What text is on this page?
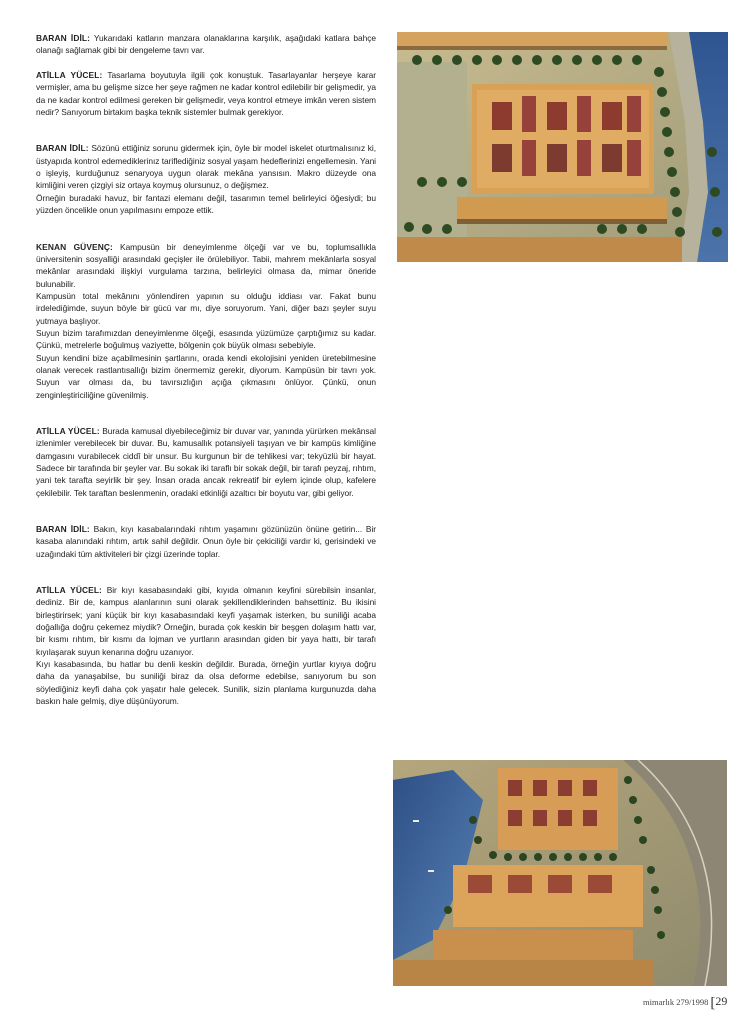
BARAN İDİL: Yukarıdaki katların manzara olanaklarına karşılık, aşağıdaki katlara bahçe olanağı sağlamak gibi bir dengeleme tavrı var.

ATİLLA YÜCEL: Tasarlama boyutuyla ilgili çok konuştuk. Tasarlayanlar herşeye karar vermişler, ama bu gelişme sizce her şeye rağmen ne kadar kontrol edilebilir bir gelişmedir, ya da ne kadar kontrol edilmesi gereken bir gelişmedir, veya kontrol etmeye imkân veren sistem nedir? Sanıyorum birtakım başka teknik sistemler bulmak gerekiyor.

BARAN İDİL: Sözünü ettiğiniz sorunu gidermek için, öyle bir model iskelet oturtmalısınız ki, üstyapıda kontrol edemediklerinız tariflediğiniz sosyal yaşam hedeflerinizi engellemesin. Yani o işleyiş, kurduğunuz senaryoya uygun olarak mekâna yansısın. Makro düzeyde ona kimliğini veren çizgiyi siz ortaya koymuş olursunuz, o değişmez.

Örneğin buradaki havuz, bir fantazi elemanı değil, tasarımın temel belirleyici öğesiydi; bu yüzden öncelikle onun yapılmasını empoze ettik.

KENAN GÜVENÇ: Kampusün bir deneyimlenme ölçeği var ve bu, toplumsallıkla üniversitenin sosyalliği arasındaki geçişler ile örülebiliyor. Tabii, mahrem mekânlarla sosyal mekânlar arasındaki ilişkiyi vurgulama tarzına, belirleyici olmasa da, mimar öneride bulunabilir.

Kampusün total mekânını yönlendiren yapının su olduğu iddiası var. Fakat bunu irdelediğimde, suyun böyle bir gücü var mı, diye soruyorum. Yani, diğer bazı şeyler suyu yutmaya başlıyor.

Suyun bizim tarafımızdan deneyimlenme ölçeği, esasında yüzümüze çarptığımız su kadar. Çünkü, metrelerle boğulmuş vaziyette, bölgenin çok büyük olması sebebiyle.

Suyun kendini bize açabilmesinin şartlarını, orada kendi ekolojisini yeniden üretebilmesine olanak verecek rastlantısallığı bizim önermemiz gerekir, diyorum. Kampüsün bir tavrı yok. Suyun var olması da, bu tavırsızlığın açığa çıkmasını önlüyor. Çünkü, onun zenginleştiriciliğine güvenilmiş.

ATİLLA YÜCEL: Burada kamusal diyebileceğimiz bir duvar var, yanında yürürken mekânsal izlenimler verebilecek bir duvar. Bu, kamusallık potansiyeli taşıyan ve bir kampüs kimliğine damgasını vurabilecek ciddî bir unsur. Bu kurgunun bir de tehlikesi var; tekyüzlü bir hayat. Sadece bir tarafında bir şeyler var. Bu sokak iki taraflı bir sokak değil, bir tarafı peyzaj, rıhtım, yani tek tarafta seyirlik bir şey. İnsan orada ancak rekreatif bir eylem içinde olup, kafelere çekilebilir. Tek taraftan beslenmenin, oradaki etkinliği azaltıcı bir boyutu var, gibi geliyor.

BARAN İDİL: Bakın, kıyı kasabalarındaki rıhtım yaşamını gözünüzün önüne getirin... Bir kasaba alanındaki rıhtım, artık sahil değildir. Onun öyle bir çekiciliği vardır ki, gerisindeki ve uzağındaki tüm aktiviteleri bir çizgi üzerinde toplar.

ATİLLA YÜCEL: Bir kıyı kasabasındaki gibi, kıyıda olmanın keyfini sürebilsin insanlar, dediniz. Bir de, kampus alanlarının suni olarak şekillendiklerinden bahsettiniz. Bu ikisini birleştirirsek; yani küçük bir kıyı kasabasındaki keyfi yaşamak isterken, bu suniliği acaba doğallığa doğru çekemez miydik? Örneğin, burada çok keskin bir beşgen dolaşım hattı var, bir kısmı rıhtım, bir kısmı da lojman ve yurtların arasından giden bir yaya hattı, bir tarafı kıyılaşarak suyun kenarına doğru uzanıyor.

Kıyı kasabasında, bu hatlar bu denli keskin değildir. Burada, örneğin yurtlar kıyıya doğru daha da yanaşabilse, bu suniliği biraz da olsa deforme edebilse, sanıyorum bu son söylediğiniz keyfi daha çok yaşatır hale gelecek. Sunilik, sizin planlama kurgunuzda daha baskın hale gelmiş, diye düşünüyorum.

mimarlık 279/1998 [29
